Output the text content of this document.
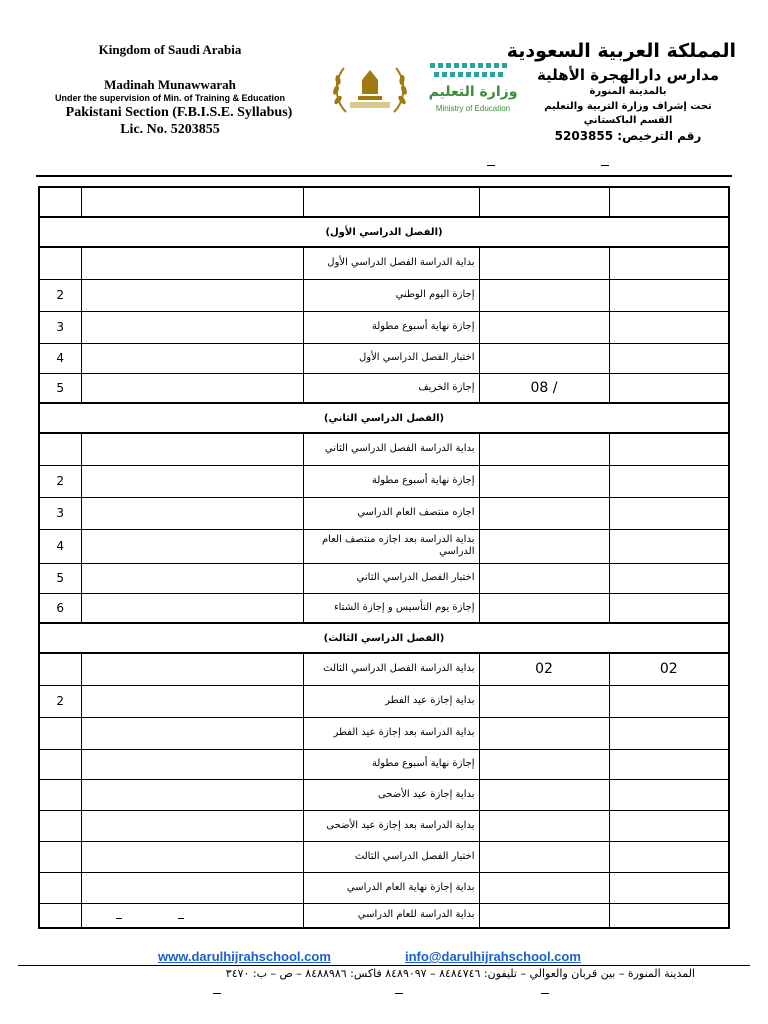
Kingdom of Saudi Arabia
Madinah Munawwarah
Under the supervision of Min. of Training & Education
Pakistani Section (F.B.I.S.E. Syllabus)
Lic. No. 5203855
وزارة التعليم
Ministry of Education
المملكة العربية السعودية
مدارس دارالهجرة الأهلية
بالمدينة المنورة
تحت إشراف وزارة التربية والتعليم
القسم الباكستاني
رقم الترخيص: 5203855

(الفصل الدراسي الأول)				
		بداية الدراسة الفصل الدراسي الأول		
2		إجازة اليوم الوطني		
3		إجازة نهاية أسبوع مطولة		
4		اختبار الفصل الدراسي الأول		
5		إجازة الخريف	08 /	
(الفصل الدراسي الثاني)				
		بداية الدراسة الفصل الدراسي الثاني		
2		إجازة نهاية أسبوع مطولة		
3		اجازه منتصف العام الدراسي		
4		بداية الدراسة بعد اجازه منتصف العام الدراسي		
5		اختبار الفصل الدراسي الثاني		
6		إجازة يوم التأسيس و إجازة الشتاء		
(الفصل الدراسي الثالث)				
		بداية الدراسة الفصل الدراسي الثالث	02	02
2		بداية إجازة عيد الفطر		
		بداية الدراسة بعد إجازة عيد الفطر		
		إجازة نهاية أسبوع مطولة		
		بداية إجازة عيد الأضحى		
		بداية الدراسة بعد إجازة عيد الأضحى		
		اختبار الفصل الدراسي الثالث		
		بداية إجازة نهاية العام الدراسي		
		بداية الدراسة للعام الدراسي		
www.darulhijrahschool.com	info@darulhijrahschool.com
المدينة المنورة – بين قربان والعوالي – تليفون: ٨٤٨٤٧٤٦ – ٨٤٨٩٠٩٧ فاكس: ٨٤٨٨٩٨٦ – ص – ب: ٣٤٧٠
